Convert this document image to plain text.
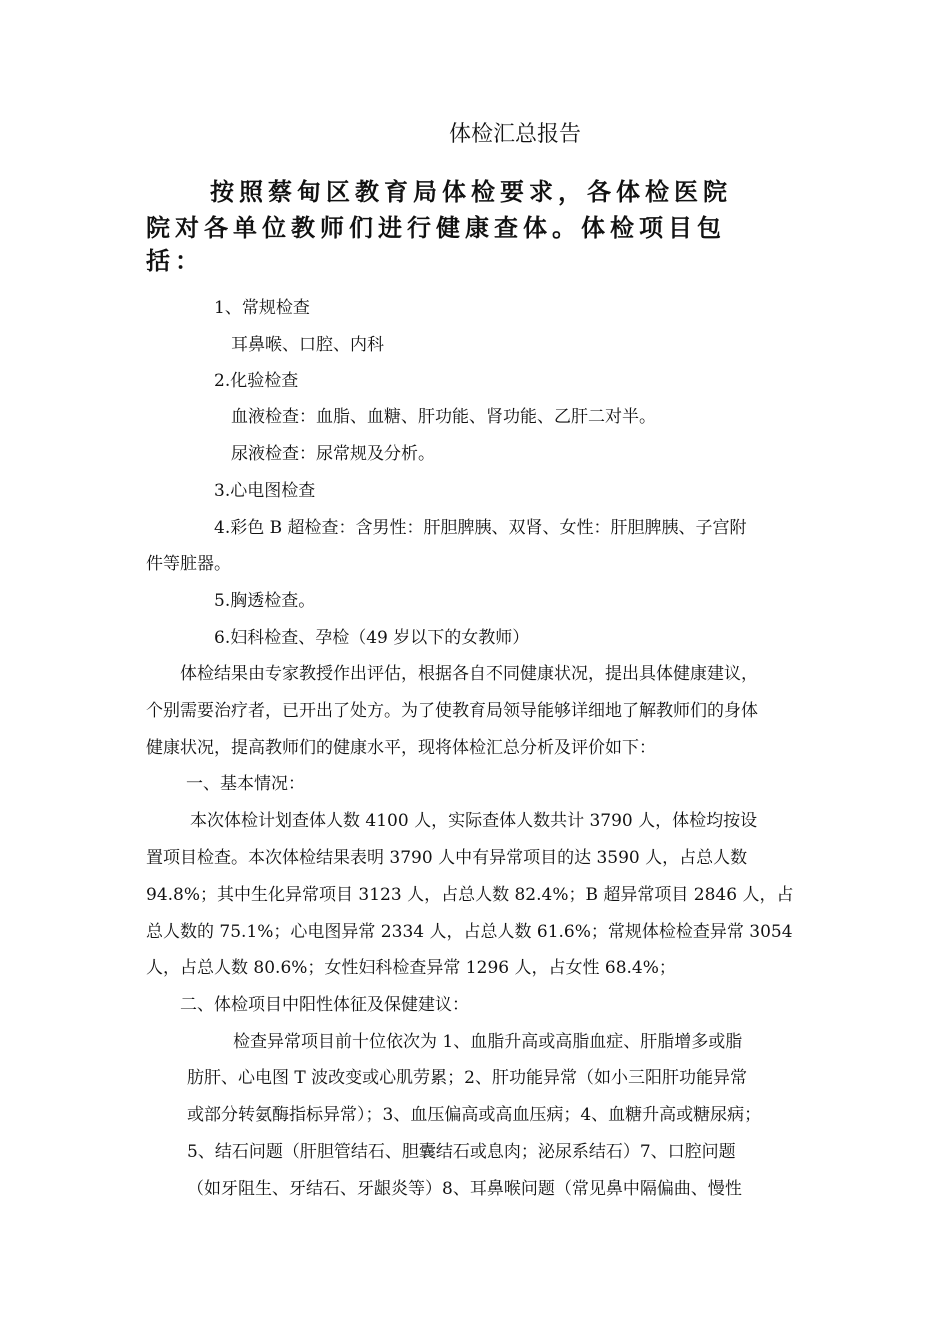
体检汇总报告
按照蔡甸区教育局体检要求，各体检医院
院对各单位教师们进行健康查体。体检项目包
括：
1、常规检查
耳鼻喉、口腔、内科
2.化验检查
血液检查：血脂、血糖、肝功能、肾功能、乙肝二对半。
尿液检查：尿常规及分析。
3.心电图检查
4.彩色 B 超检查：含男性：肝胆脾胰、双肾、女性：肝胆脾胰、子宫附
件等脏器。
5.胸透检查。
6.妇科检查、孕检（49 岁以下的女教师）
体检结果由专家教授作出评估，根据各自不同健康状况，提出具体健康建议，
个别需要治疗者，已开出了处方。为了使教育局领导能够详细地了解教师们的身体
健康状况，提高教师们的健康水平，现将体检汇总分析及评价如下：
一、基本情况：
本次体检计划查体人数 4100 人，实际查体人数共计 3790 人，体检均按设
置项目检查。本次体检结果表明 3790 人中有异常项目的达 3590 人，占总人数
94.8%；其中生化异常项目 3123 人，占总人数 82.4%；B 超异常项目 2846 人，占
总人数的 75.1%；心电图异常 2334 人，占总人数 61.6%；常规体检检查异常 3054
人，占总人数 80.6%；女性妇科检查异常 1296 人，占女性 68.4%；
二、体检项目中阳性体征及保健建议：
检查异常项目前十位依次为 1、血脂升高或高脂血症、肝脂增多或脂
肪肝、心电图 T 波改变或心肌劳累；2、肝功能异常（如小三阳肝功能异常
或部分转氨酶指标异常）；3、血压偏高或高血压病；4、血糖升高或糖尿病；
5、结石问题（肝胆管结石、胆囊结石或息肉；泌尿系结石）7、口腔问题
（如牙阻生、牙结石、牙龈炎等）8、耳鼻喉问题（常见鼻中隔偏曲、慢性
